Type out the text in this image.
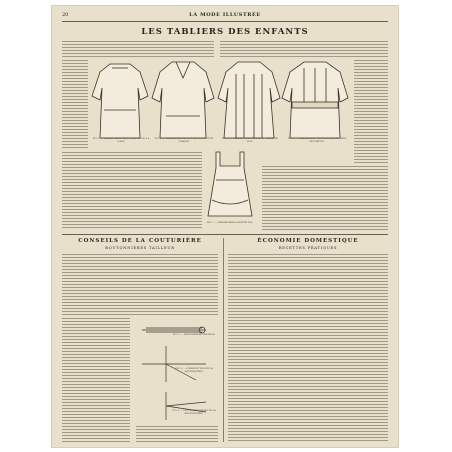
20	LA MODE ILLUSTRÉE
LES TABLIERS DES ENFANTS
FIG. 1. — TABLIER-ROBE POUR FILLETTE DE 6 A 8 ANS.
FIG. 2. — TABLIER-BLOUSE DE TOILE POUR PETIT GARÇON.
FIG. 3. — TABLIER A EMPIÈCEMENT FORMÉ DE PLIS.
FIG. 4. — TABLIER AVEC CEINTURE PASSÉE DANS DES PATTES.
FIG. 5. — TABLIER-ROBE A BRETELLES.
CONSEILS DE LA COUTURIÈRE
BOUTONNIÈRES TAILLEUR
ÉCONOMIE DOMESTIQUE
RECETTES PRATIQUES
FIG. 1. — BOUTONNIÈRE TAILLEUR.
FIG. 2. — COMMENT PIQUER LA BOUTONNIÈRE.
FIG. 3. — LES POINTS SERRÉS DE LA BOUTONNIÈRE.
